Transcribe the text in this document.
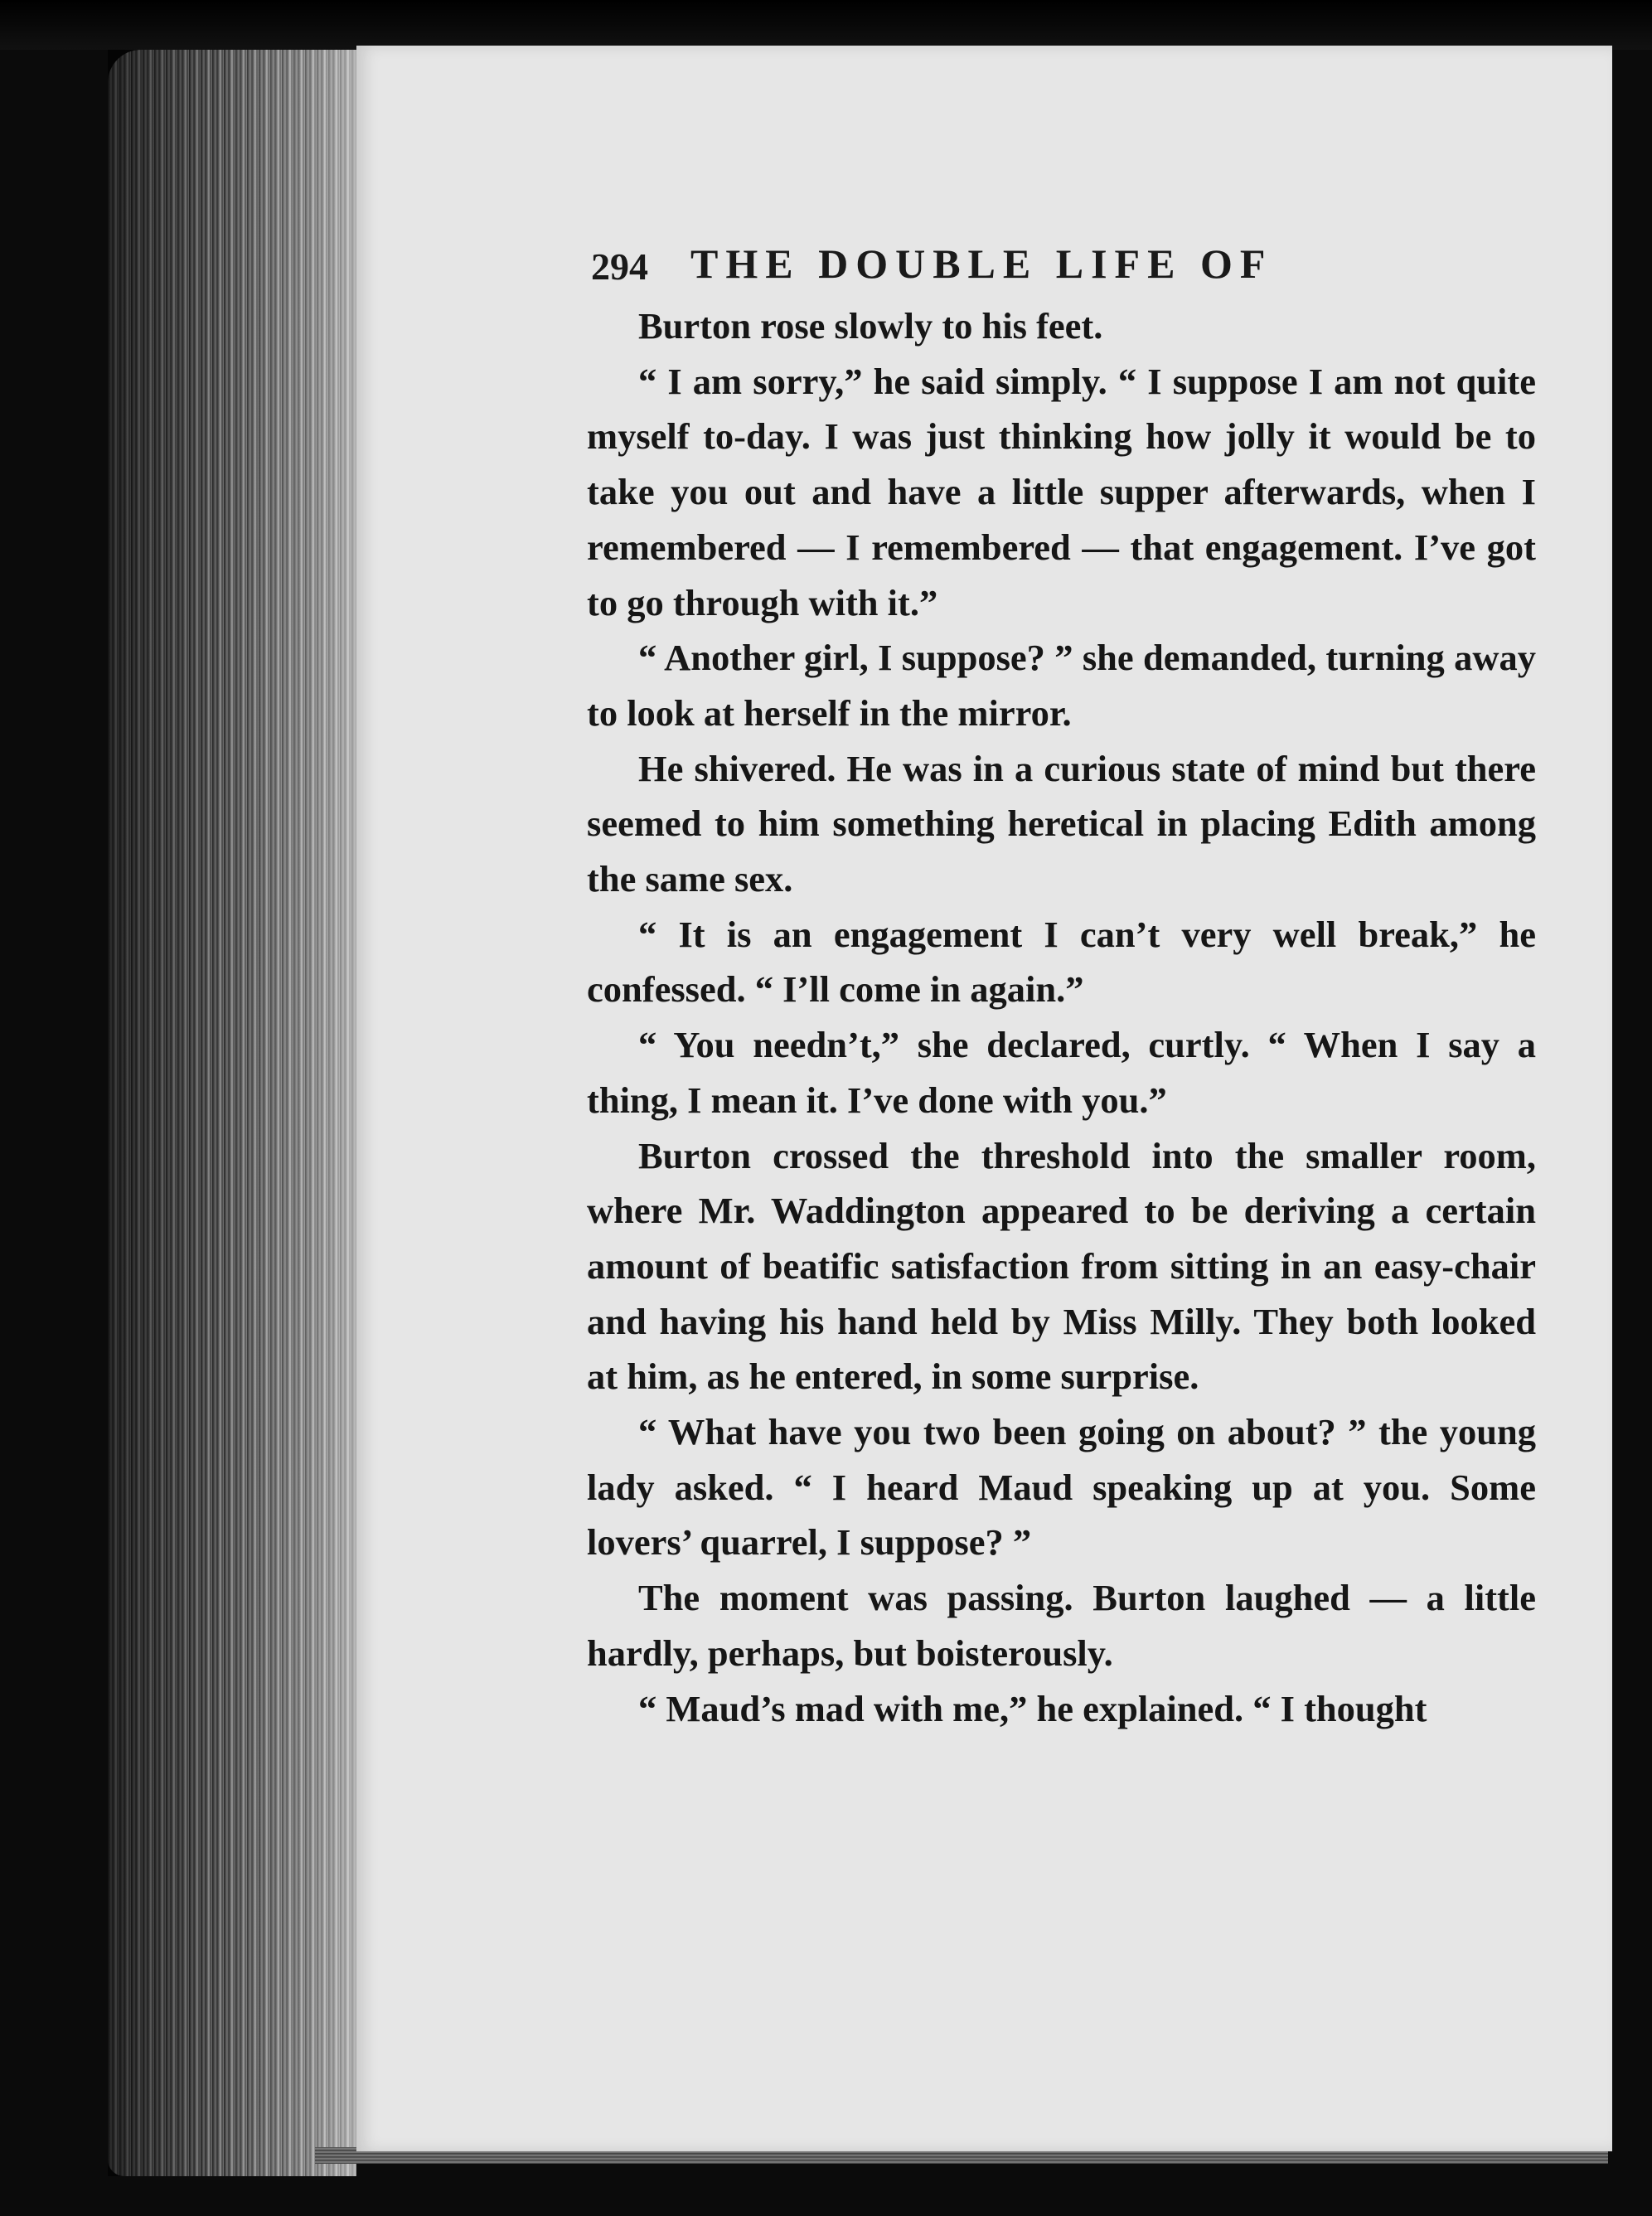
294 THE DOUBLE LIFE OF

Burton rose slowly to his feet.

“ I am sorry,” he said simply. “ I suppose I am not quite myself to-day. I was just thinking how jolly it would be to take you out and have a little supper afterwards, when I remembered — I remembered — that engagement. I’ve got to go through with it.”

“ Another girl, I suppose? ” she demanded, turning away to look at herself in the mirror.

He shivered. He was in a curious state of mind but there seemed to him something heretical in placing Edith among the same sex.

“ It is an engagement I can’t very well break,” he confessed. “ I’ll come in again.”

“ You needn’t,” she declared, curtly. “ When I say a thing, I mean it. I’ve done with you.”

Burton crossed the threshold into the smaller room, where Mr. Waddington appeared to be deriving a certain amount of beatific satisfaction from sitting in an easy-chair and having his hand held by Miss Milly. They both looked at him, as he entered, in some surprise.

“ What have you two been going on about? ” the young lady asked. “ I heard Maud speaking up at you. Some lovers’ quarrel, I suppose? ”

The moment was passing. Burton laughed — a little hardly, perhaps, but boisterously.

“ Maud’s mad with me,” he explained. “ I thought
